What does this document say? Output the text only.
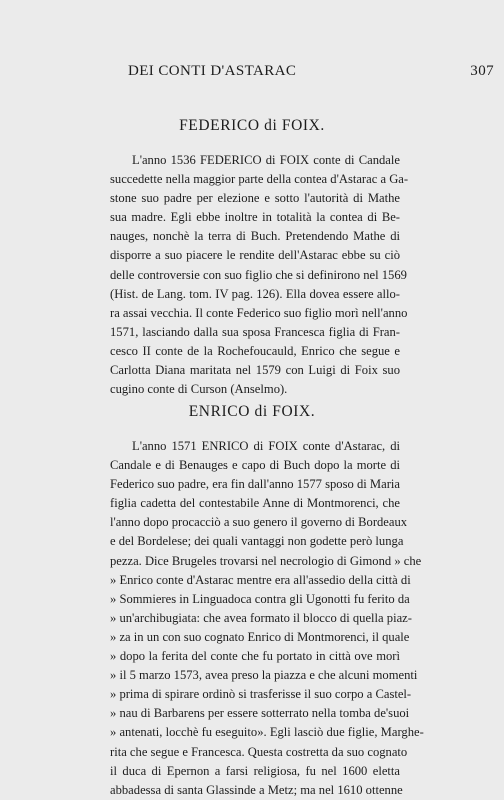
DEI CONTI D'ASTARAC	307
FEDERICO di FOIX.

L'anno 1536 FEDERICO di FOIX conte di Candale

succedette nella maggior parte della contea d'Astarac a Ga-

stone suo padre per elezione e sotto l'autorità di Mathe

sua madre. Egli ebbe inoltre in totalità la contea di Be-

nauges, nonchè la terra di Buch. Pretendendo Mathe di

disporre a suo piacere le rendite dell'Astarac ebbe su ciò

delle controversie con suo figlio che si definirono nel 1569

(Hist. de Lang. tom. IV pag. 126). Ella dovea essere allo-

ra assai vecchia. Il conte Federico suo figlio morì nell'anno

1571, lasciando dalla sua sposa Francesca figlia di Fran-

cesco II conte de la Rochefoucauld, Enrico che segue e

Carlotta Diana maritata nel 1579 con Luigi di Foix suo

cugino conte di Curson (Anselmo).

ENRICO di FOIX.

L'anno 1571 ENRICO di FOIX conte d'Astarac, di

Candale e di Benauges e capo di Buch dopo la morte di

Federico suo padre, era fin dall'anno 1577 sposo di Maria

figlia cadetta del contestabile Anne di Montmorenci, che

l'anno dopo procacciò a suo genero il governo di Bordeaux

e del Bordelese; dei quali vantaggi non godette però lunga

pezza. Dice Brugeles trovarsi nel necrologio di Gimond » che

» Enrico conte d'Astarac mentre era all'assedio della città di

» Sommieres in Linguadoca contra gli Ugonotti fu ferito da

» un'archibugiata: che avea formato il blocco di quella piaz-

» za in un con suo cognato Enrico di Montmorenci, il quale

» dopo la ferita del conte che fu portato in città ove morì

» il 5 marzo 1573, avea preso la piazza e che alcuni momenti

» prima di spirare ordinò si trasferisse il suo corpo a Castel-

» nau di Barbarens per essere sotterrato nella tomba de'suoi

» antenati, locchè fu eseguito». Egli lasciò due figlie, Marghe-

rita che segue e Francesca. Questa costretta da suo cognato

il duca di Epernon a farsi religiosa, fu nel 1600 eletta

abbadessa di santa Glassinde a Metz; ma nel 1610 ottenne
